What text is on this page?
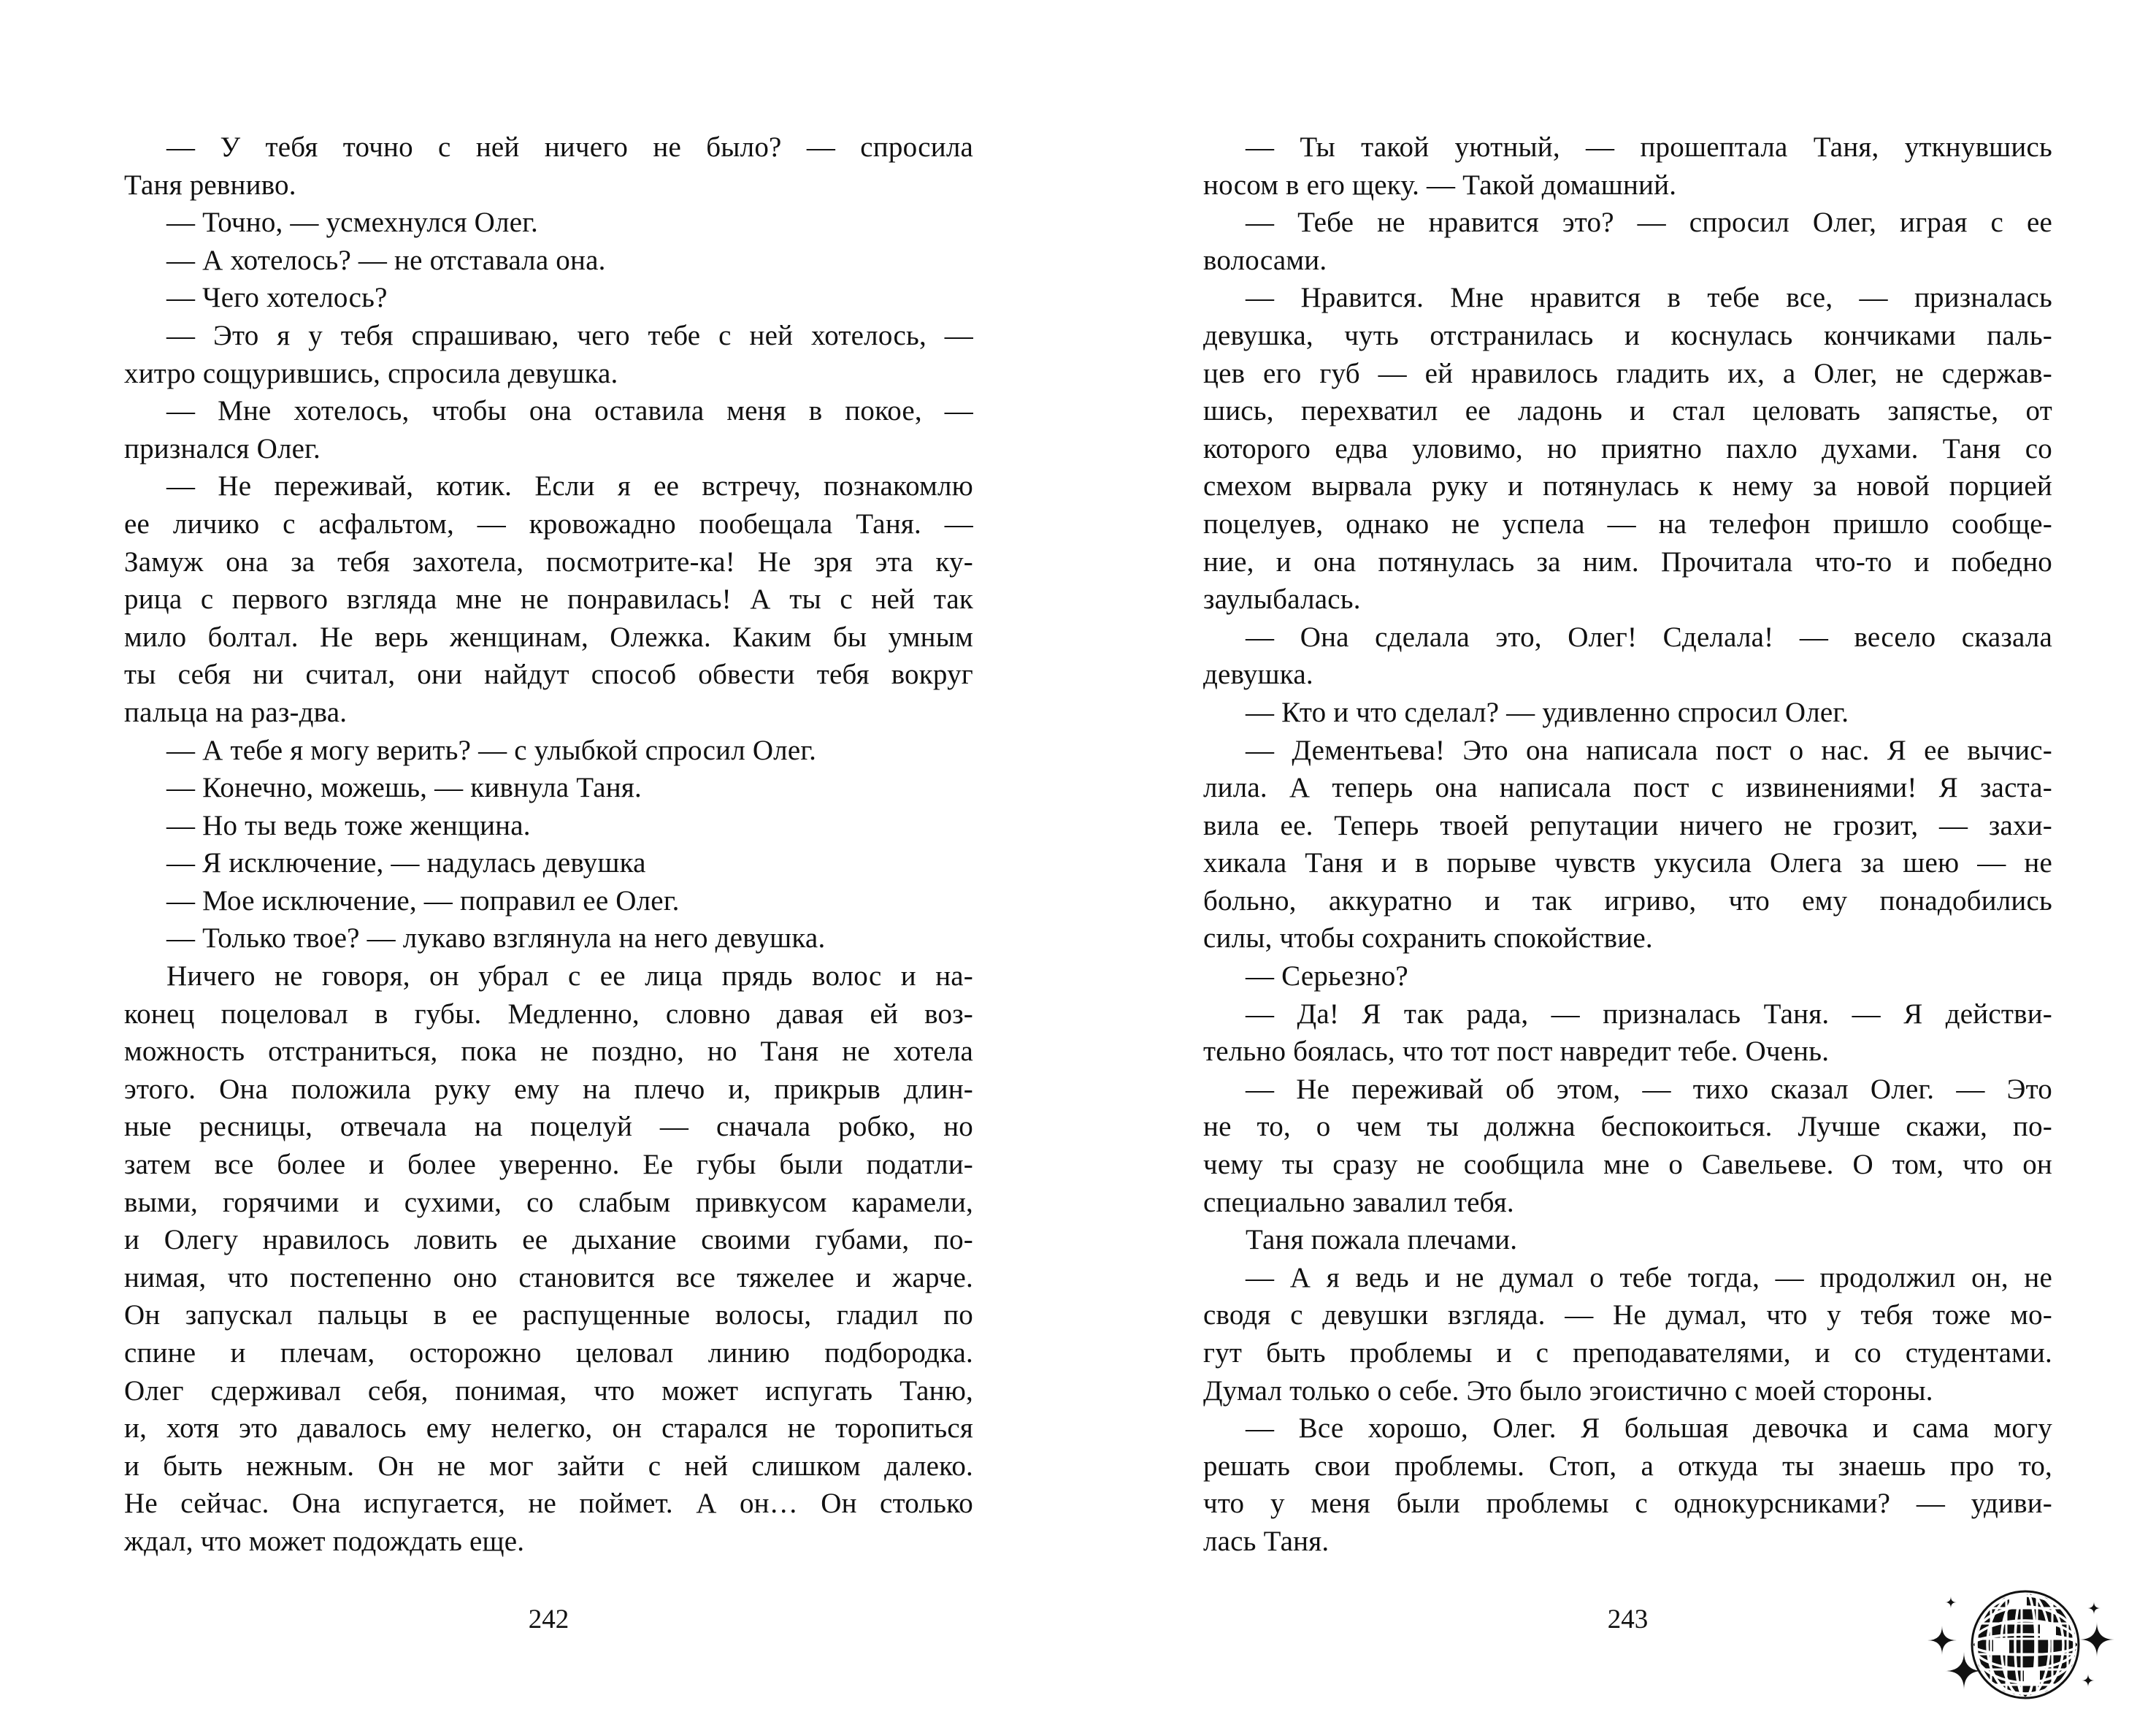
— У тебя точно с ней ничего не было? — спросила
Таня ревниво.
— Точно, — усмехнулся Олег.
— А хотелось? — не отставала она.
— Чего хотелось?
— Это я у тебя спрашиваю, чего тебе с ней хотелось, —
хитро сощурившись, спросила девушка.
— Мне хотелось, чтобы она оставила меня в покое, —
признался Олег.
— Не переживай, котик. Если я ее встречу, познакомлю
ее личико с асфальтом, — кровожадно пообещала Таня. —
Замуж она за тебя захотела, посмотрите-ка! Не зря эта ку-
рица с первого взгляда мне не понравилась! А ты с ней так
мило болтал. Не верь женщинам, Олежка. Каким бы умным
ты себя ни считал, они найдут способ обвести тебя вокруг
пальца на раз-два.
— А тебе я могу верить? — с улыбкой спросил Олег.
— Конечно, можешь, — кивнула Таня.
— Но ты ведь тоже женщина.
— Я исключение, — надулась девушка
— Мое исключение, — поправил ее Олег.
— Только твое? — лукаво взглянула на него девушка.
Ничего не говоря, он убрал с ее лица прядь волос и на-
конец поцеловал в губы. Медленно, словно давая ей воз-
можность отстраниться, пока не поздно, но Таня не хотела
этого. Она положила руку ему на плечо и, прикрыв длин-
ные ресницы, отвечала на поцелуй — сначала робко, но
затем все более и более уверенно. Ее губы были податли-
выми, горячими и сухими, со слабым привкусом карамели,
и Олегу нравилось ловить ее дыхание своими губами, по-
нимая, что постепенно оно становится все тяжелее и жарче.
Он запускал пальцы в ее распущенные волосы, гладил по
спине и плечам, осторожно целовал линию подбородка.
Олег сдерживал себя, понимая, что может испугать Таню,
и, хотя это давалось ему нелегко, он старался не торопиться
и быть нежным. Он не мог зайти с ней слишком далеко.
Не сейчас. Она испугается, не поймет. А он… Он столько
ждал, что может подождать еще.
242
— Ты такой уютный, — прошептала Таня, уткнувшись
носом в его щеку. — Такой домашний.
— Тебе не нравится это? — спросил Олег, играя с ее
волосами.
— Нравится. Мне нравится в тебе все, — призналась
девушка, чуть отстранилась и коснулась кончиками паль-
цев его губ — ей нравилось гладить их, а Олег, не сдержав-
шись, перехватил ее ладонь и стал целовать запястье, от
которого едва уловимо, но приятно пахло духами. Таня со
смехом вырвала руку и потянулась к нему за новой порцией
поцелуев, однако не успела — на телефон пришло сообще-
ние, и она потянулась за ним. Прочитала что-то и победно
заулыбалась.
— Она сделала это, Олег! Сделала! — весело сказала
девушка.
— Кто и что сделал? — удивленно спросил Олег.
— Дементьева! Это она написала пост о нас. Я ее вычис-
лила. А теперь она написала пост с извинениями! Я заста-
вила ее. Теперь твоей репутации ничего не грозит, — захи-
хикала Таня и в порыве чувств укусила Олега за шею — не
больно, аккуратно и так игриво, что ему понадобились
силы, чтобы сохранить спокойствие.
— Серьезно?
— Да! Я так рада, — призналась Таня. — Я действи-
тельно боялась, что тот пост навредит тебе. Очень.
— Не переживай об этом, — тихо сказал Олег. — Это
не то, о чем ты должна беспокоиться. Лучше скажи, по-
чему ты сразу не сообщила мне о Савельеве. О том, что он
специально завалил тебя.
Таня пожала плечами.
— А я ведь и не думал о тебе тогда, — продолжил он, не
сводя с девушки взгляда. — Не думал, что у тебя тоже мо-
гут быть проблемы и с преподавателями, и со студентами.
Думал только о себе. Это было эгоистично с моей стороны.
— Все хорошо, Олег. Я большая девочка и сама могу
решать свои проблемы. Стоп, а откуда ты знаешь про то,
что у меня были проблемы с однокурсниками? — удиви-
лась Таня.
243
